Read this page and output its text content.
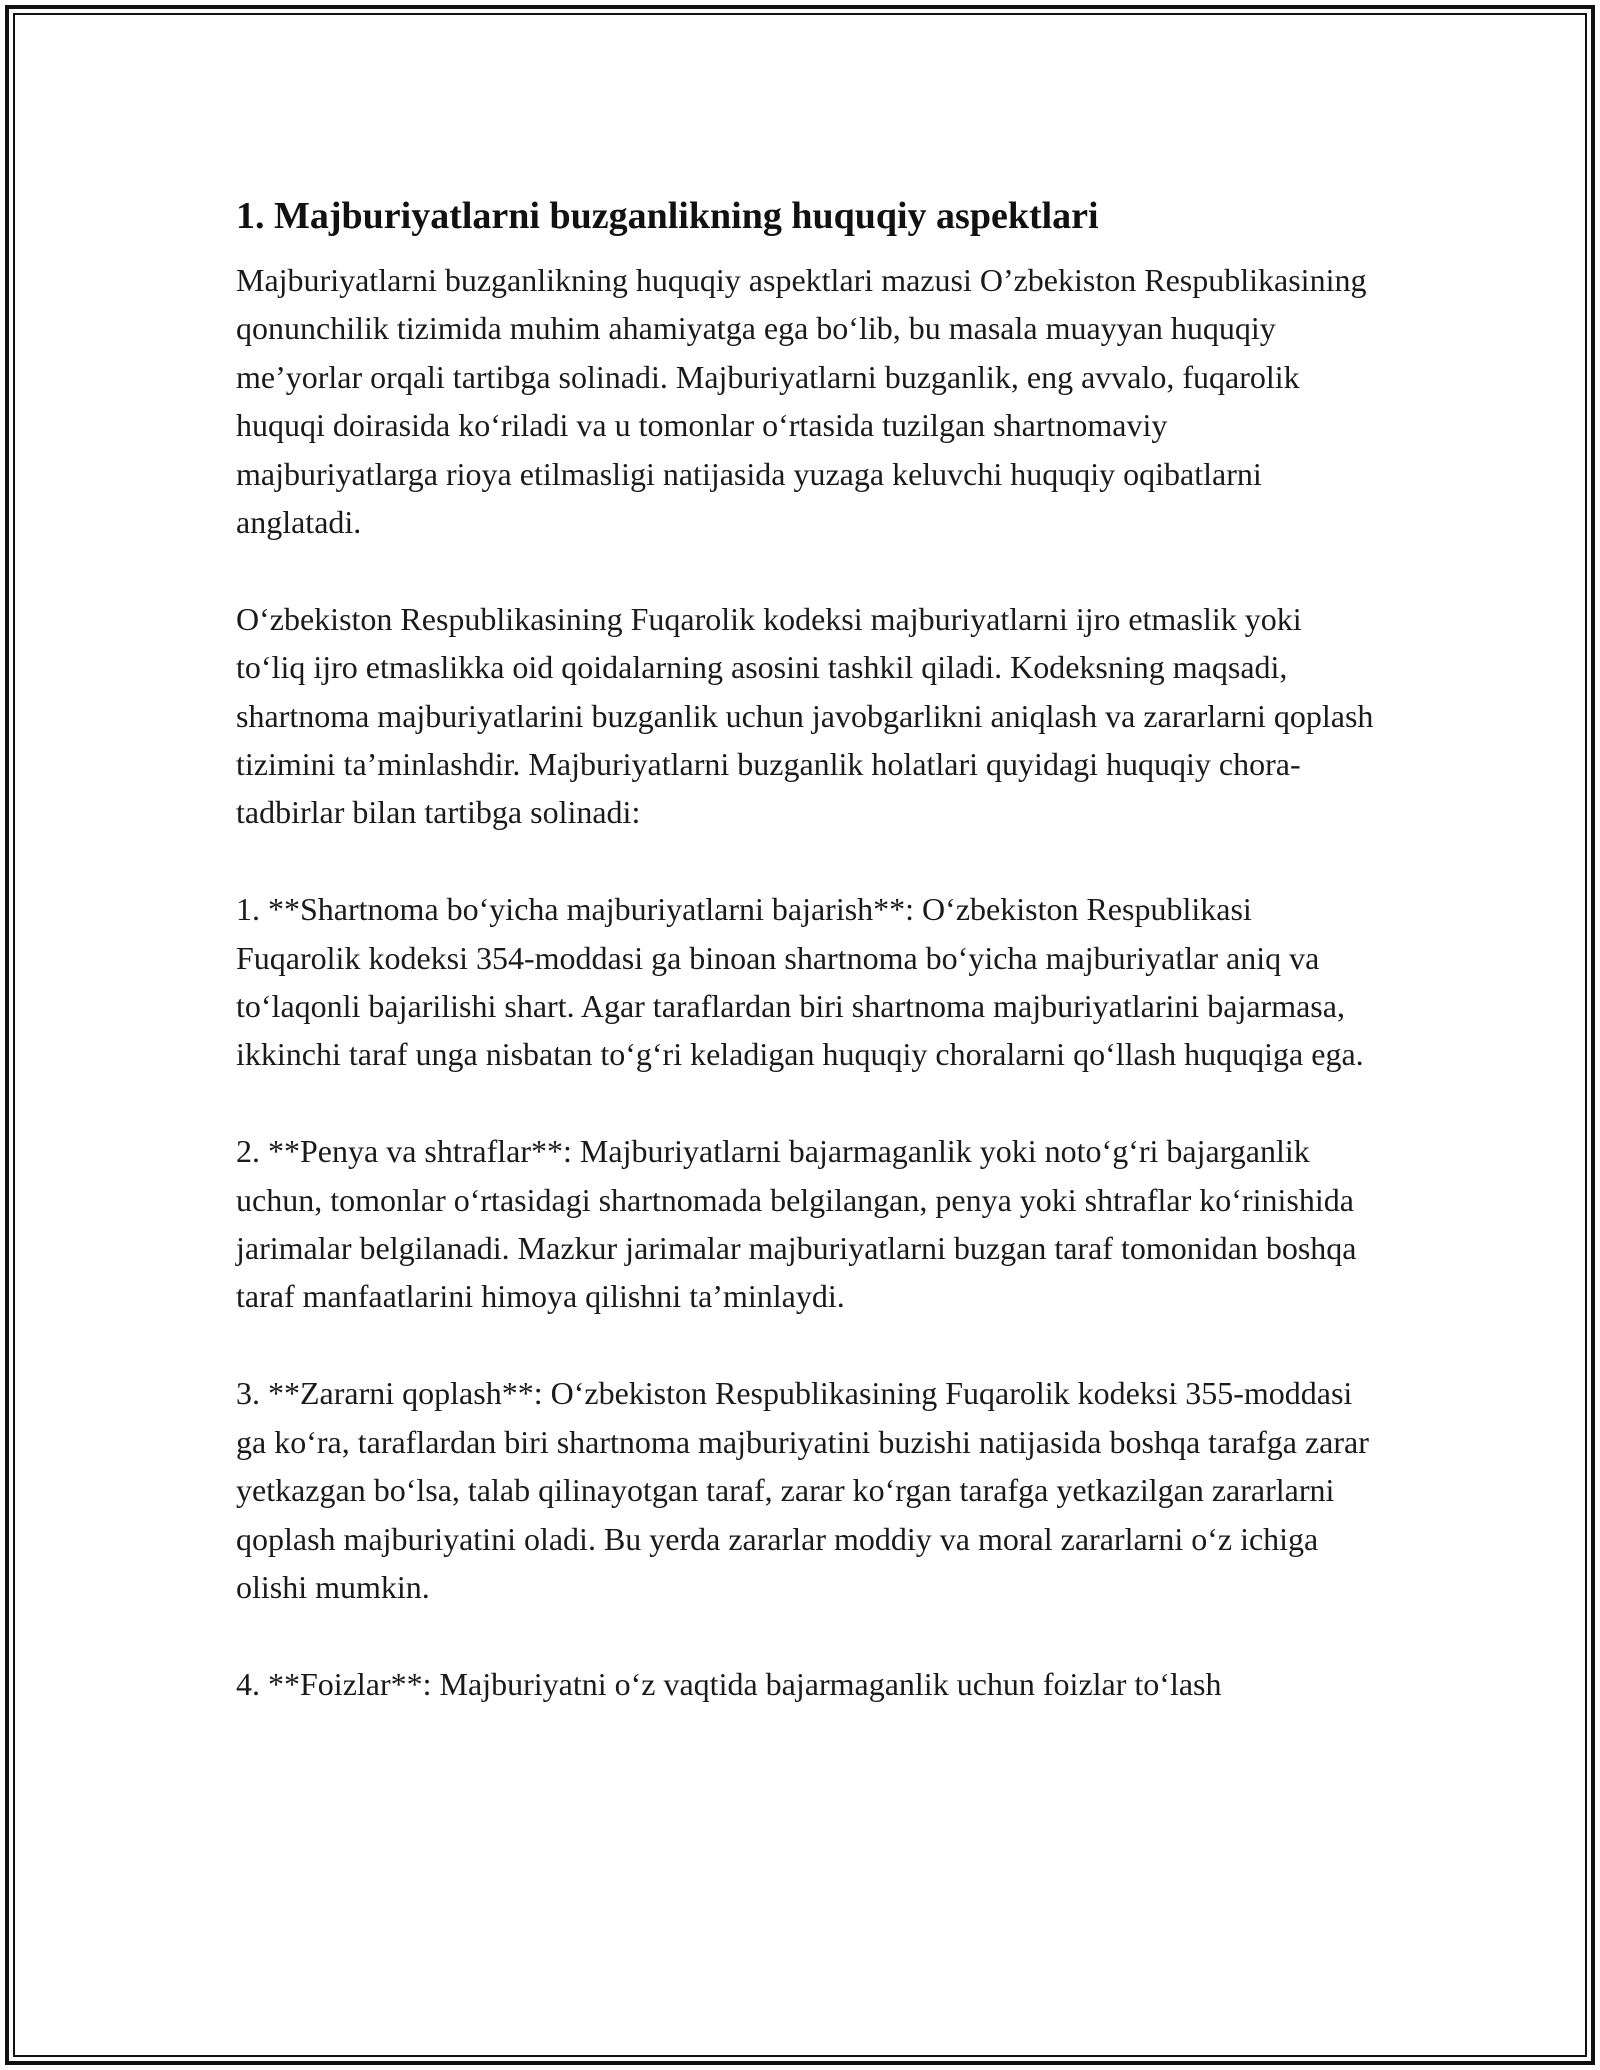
1. Majburiyatlarni buzganlikning huquqiy aspektlari

Majburiyatlarni buzganlikning huquqiy aspektlari mazusi O’zbekiston Respublikasining qonunchilik tizimida muhim ahamiyatga ega bo‘lib, bu masala muayyan huquqiy me’yorlar orqali tartibga solinadi. Majburiyatlarni buzganlik, eng avvalo, fuqarolik huquqi doirasida ko‘riladi va u tomonlar o‘rtasida tuzilgan shartnomaviy majburiyatlarga rioya etilmasligi natijasida yuzaga keluvchi huquqiy oqibatlarni anglatadi.

O‘zbekiston Respublikasining Fuqarolik kodeksi majburiyatlarni ijro etmaslik yoki to‘liq ijro etmaslikka oid qoidalarning asosini tashkil qiladi. Kodeksning maqsadi, shartnoma majburiyatlarini buzganlik uchun javobgarlikni aniqlash va zararlarni qoplash tizimini ta’minlashdir. Majburiyatlarni buzganlik holatlari quyidagi huquqiy chora-tadbirlar bilan tartibga solinadi:

1. **Shartnoma bo‘yicha majburiyatlarni bajarish**: O‘zbekiston Respublikasi Fuqarolik kodeksi 354-moddasi ga binoan shartnoma bo‘yicha majburiyatlar aniq va to‘laqonli bajarilishi shart. Agar taraflardan biri shartnoma majburiyatlarini bajarmasa, ikkinchi taraf unga nisbatan to‘g‘ri keladigan huquqiy choralarni qo‘llash huquqiga ega.

2. **Penya va shtraflar**: Majburiyatlarni bajarmaganlik yoki noto‘g‘ri bajarganlik uchun, tomonlar o‘rtasidagi shartnomada belgilangan, penya yoki shtraflar ko‘rinishida jarimalar belgilanadi. Mazkur jarimalar majburiyatlarni buzgan taraf tomonidan boshqa taraf manfaatlarini himoya qilishni ta’minlaydi.

3. **Zararni qoplash**: O‘zbekiston Respublikasining Fuqarolik kodeksi 355-moddasi ga ko‘ra, taraflardan biri shartnoma majburiyatini buzishi natijasida boshqa tarafga zarar yetkazgan bo‘lsa, talab qilinayotgan taraf, zarar ko‘rgan tarafga yetkazilgan zararlarni qoplash majburiyatini oladi. Bu yerda zararlar moddiy va moral zararlarni o‘z ichiga olishi mumkin.

4. **Foizlar**: Majburiyatni o‘z vaqtida bajarmaganlik uchun foizlar to‘lash
